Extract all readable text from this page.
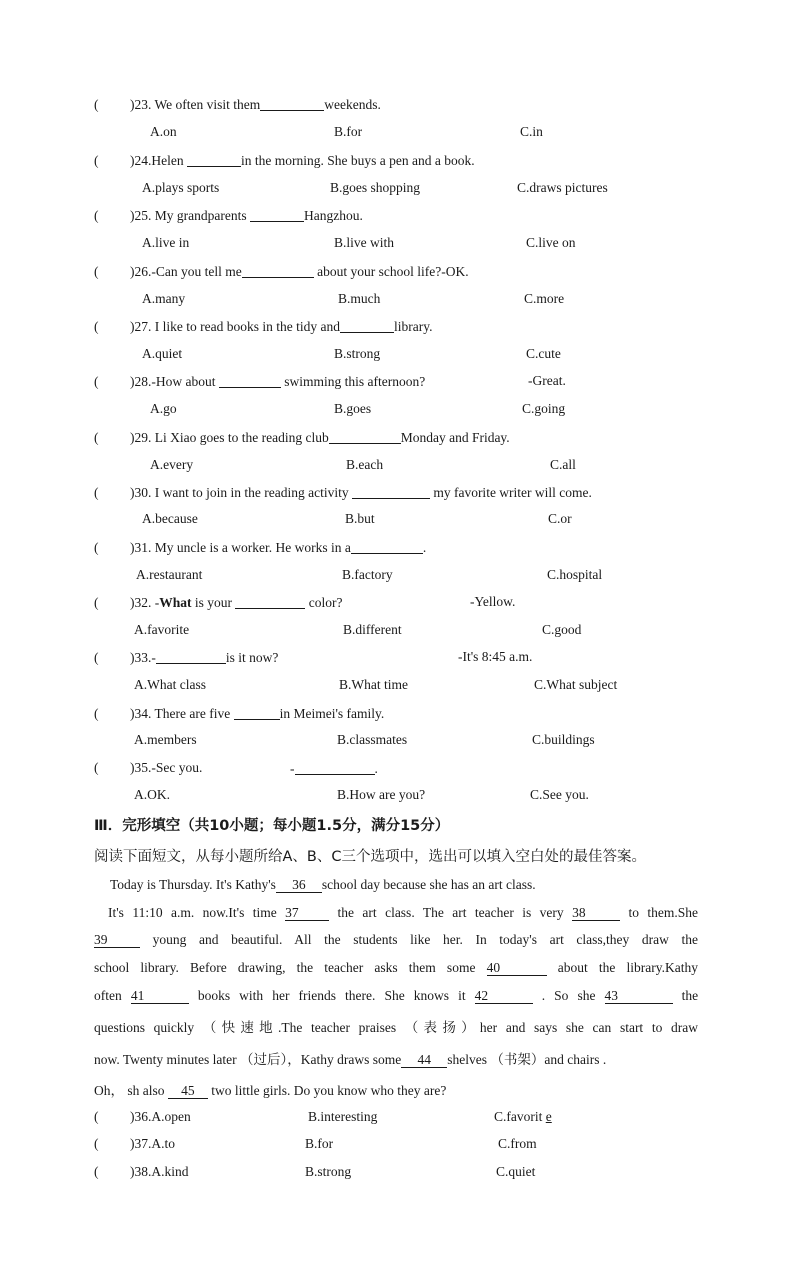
( )23. We often visit them	weekends.
A.on	B.for	C.in
( )24.Helen	in the morning. She buys a pen and a book.
A.plays sports	B.goes shopping	C.draws pictures
( )25. My grandparents	Hangzhou.
A.live in	B.live with	C.live on
( )26.-Can you tell me	about your school life?-OK.
A.many	B.much	C.more
( )27. I like to read books in the tidy and	library.
A.quiet	B.strong	C.cute
( )28.-How about	swimming this afternoon?	-Great.
A.go	B.goes	C.going
( )29. Li Xiao goes to the reading club	Monday and Friday.
A.every	B.each	C.all
( )30. I want to join in the reading activity	my favorite writer will come.
A.because	B.but	C.or
( )31. My uncle is a worker. He works in a	.
A.restaurant	B.factory	C.hospital
( )32. -What is your	color?	-Yellow.
A.favorite	B.different	C.good
( )33.-	is it now?	-It's 8:45 a.m.
A.What class	B.What time	C.What subject
( )34. There are five	in Meimei's family.
A.members	B.classmates	C.buildings
( )35.-Sec you.	-	.
A.OK.	B.How are you?	C.See you.
Ⅲ．完形填空（共10小题；每小题1.5分，满分15分）
阅读下面短文，从每小题所给A、B、C三个选项中，选出可以填入空白处的最佳答案。
Today is Thursday. It's Kathy's 36 school day because she has an art class.
It's 11:10 a.m. now.It's time 37	the art class. The art teacher is very 38	to them.She
39	young and beautiful. All the students like her. In today's art class,they draw the
school library. Before drawing, the teacher asks them some 40	about the library.Kathy
often 41	books with her friends there. She knows it 42	. So she 43	the
questions quickly （快速地.The teacher praises （表扬）her and says she can start to draw
now. Twenty minutes later （过后），Kathy draws some 44 shelves （书架）and chairs .
Oh， sh also 45 two little girls. Do you know who they are?
( )36.A.open	B.interesting	C.favorit e
( )37.A.to	B.for	C.from
( )38.A.kind	B.strong	C.quiet
